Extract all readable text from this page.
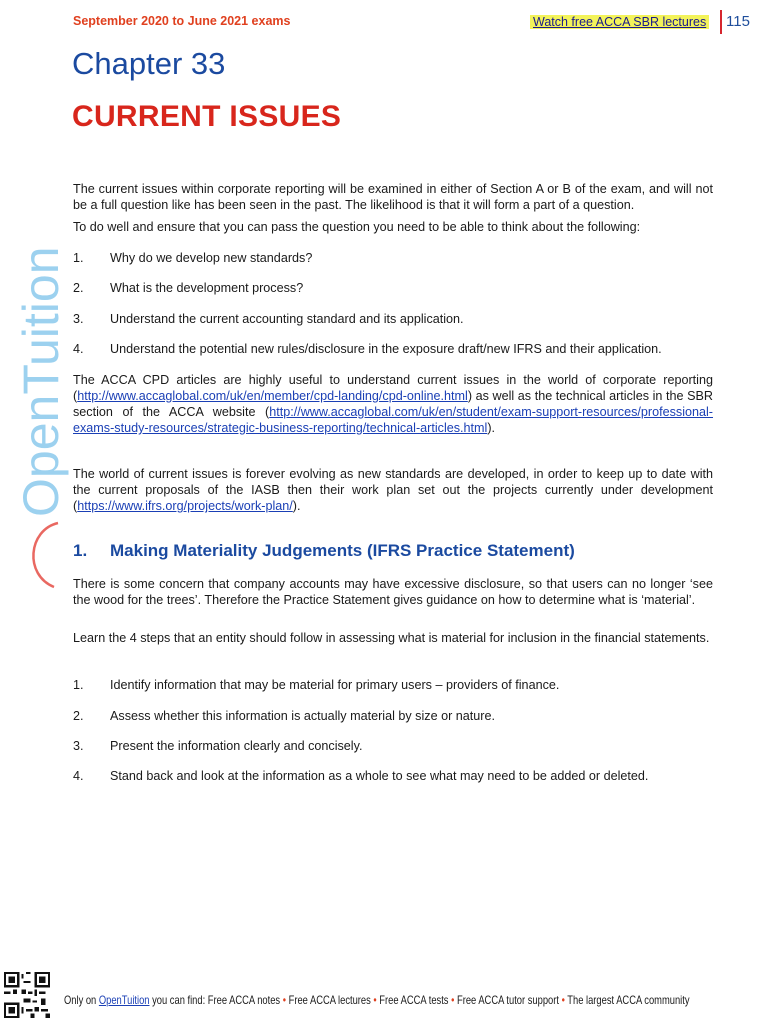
September 2020 to June 2021 exams	Watch free ACCA SBR lectures 115
OpenTuition
Chapter 33
CURRENT ISSUES
The current issues within corporate reporting will be examined in either of Section A or B of the exam, and will not be a full question like has been seen in the past. The likelihood is that it will form a part of a question.
To do well and ensure that you can pass the question you need to be able to think about the following:
1. Why do we develop new standards?
2. What is the development process?
3. Understand the current accounting standard and its application.
4. Understand the potential new rules/disclosure in the exposure draft/new IFRS and their application.
The ACCA CPD articles are highly useful to understand current issues in the world of corporate reporting (http://www.accaglobal.com/uk/en/member/cpd-landing/cpd-online.html) as well as the technical articles in the SBR section of the ACCA website (http://www.accaglobal.com/uk/en/student/exam-support-resources/professional-exams-study-resources/strategic-business-reporting/technical-articles.html).
The world of current issues is forever evolving as new standards are developed, in order to keep up to date with the current proposals of the IASB then their work plan set out the projects currently under development (https://www.ifrs.org/projects/work-plan/).
1. Making Materiality Judgements (IFRS Practice Statement)
There is some concern that company accounts may have excessive disclosure, so that users can no longer ‘see the wood for the trees’. Therefore the Practice Statement gives guidance on how to determine what is ‘material’.
Learn the 4 steps that an entity should follow in assessing what is material for inclusion in the financial statements.
1. Identify information that may be material for primary users – providers of finance.
2. Assess whether this information is actually material by size or nature.
3. Present the information clearly and concisely.
4. Stand back and look at the information as a whole to see what may need to be added or deleted.
Only on OpenTuition you can find: Free ACCA notes • Free ACCA lectures • Free ACCA tests • Free ACCA tutor support • The largest ACCA community
